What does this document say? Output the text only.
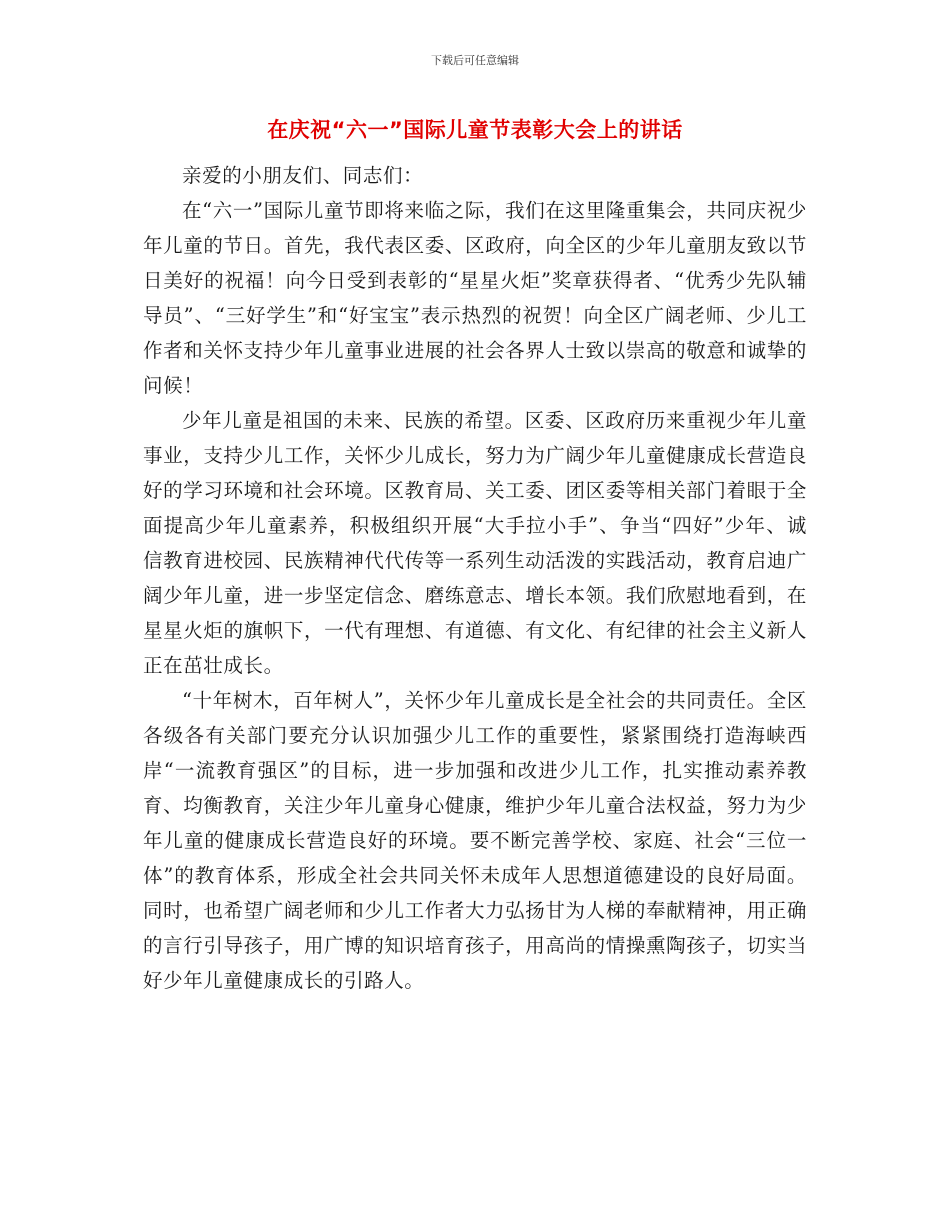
下载后可任意编辑
在庆祝“六一”国际儿童节表彰大会上的讲话

亲爱的小朋友们、同志们：

在“六一”国际儿童节即将来临之际，我们在这里隆重集会，共同庆祝少年儿童的节日。首先，我代表区委、区政府，向全区的少年儿童朋友致以节日美好的祝福！向今日受到表彰的“星星火炬”奖章获得者、“优秀少先队辅导员”、“三好学生”和“好宝宝”表示热烈的祝贺！向全区广阔老师、少儿工作者和关怀支持少年儿童事业进展的社会各界人士致以崇高的敬意和诚挚的问候！

少年儿童是祖国的未来、民族的希望。区委、区政府历来重视少年儿童事业，支持少儿工作，关怀少儿成长，努力为广阔少年儿童健康成长营造良好的学习环境和社会环境。区教育局、关工委、团区委等相关部门着眼于全面提高少年儿童素养，积极组织开展“大手拉小手”、争当“四好”少年、诚信教育进校园、民族精神代代传等一系列生动活泼的实践活动，教育启迪广阔少年儿童，进一步坚定信念、磨练意志、增长本领。我们欣慰地看到，在星星火炬的旗帜下，一代有理想、有道德、有文化、有纪律的社会主义新人正在茁壮成长。

“十年树木，百年树人”，关怀少年儿童成长是全社会的共同责任。全区各级各有关部门要充分认识加强少儿工作的重要性，紧紧围绕打造海峡西岸“一流教育强区”的目标，进一步加强和改进少儿工作，扎实推动素养教育、均衡教育，关注少年儿童身心健康，维护少年儿童合法权益，努力为少年儿童的健康成长营造良好的环境。要不断完善学校、家庭、社会“三位一体”的教育体系，形成全社会共同关怀未成年人思想道德建设的良好局面。同时，也希望广阔老师和少儿工作者大力弘扬甘为人梯的奉献精神，用正确的言行引导孩子，用广博的知识培育孩子，用高尚的情操熏陶孩子，切实当好少年儿童健康成长的引路人。
